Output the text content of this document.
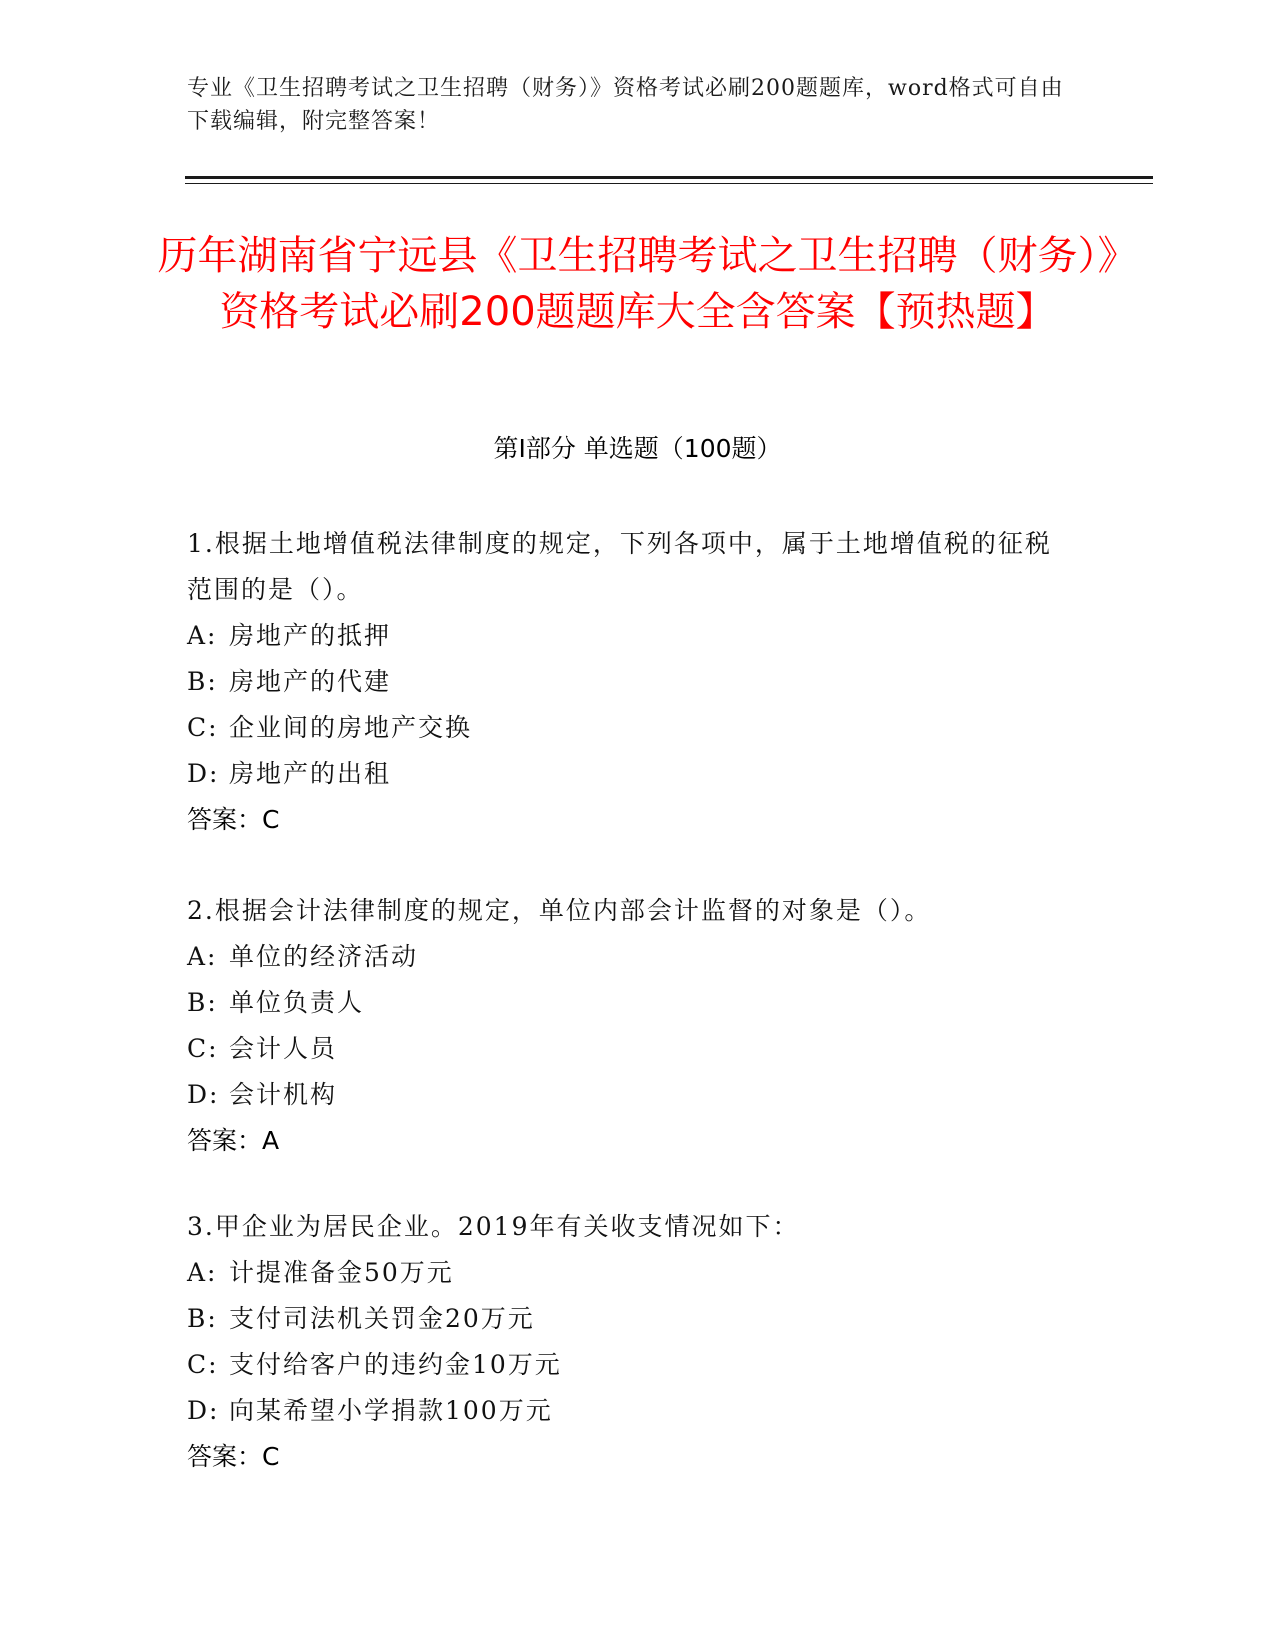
专业《卫生招聘考试之卫生招聘（财务）》资格考试必刷200题题库，word格式可自由下载编辑，附完整答案！
历年湖南省宁远县《卫生招聘考试之卫生招聘（财务）》资格考试必刷200题题库大全含答案【预热题】
第I部分 单选题（100题）

1.根据土地增值税法律制度的规定，下列各项中，属于土地增值税的征税范围的是（）。

A: 房地产的抵押
B: 房地产的代建
C: 企业间的房地产交换
D: 房地产的出租

答案：C

2.根据会计法律制度的规定，单位内部会计监督的对象是（）。

A: 单位的经济活动
B: 单位负责人
C: 会计人员
D: 会计机构

答案：A

3.甲企业为居民企业。2019年有关收支情况如下：

A: 计提准备金50万元
B: 支付司法机关罚金20万元
C: 支付给客户的违约金10万元
D: 向某希望小学捐款100万元

答案：C
